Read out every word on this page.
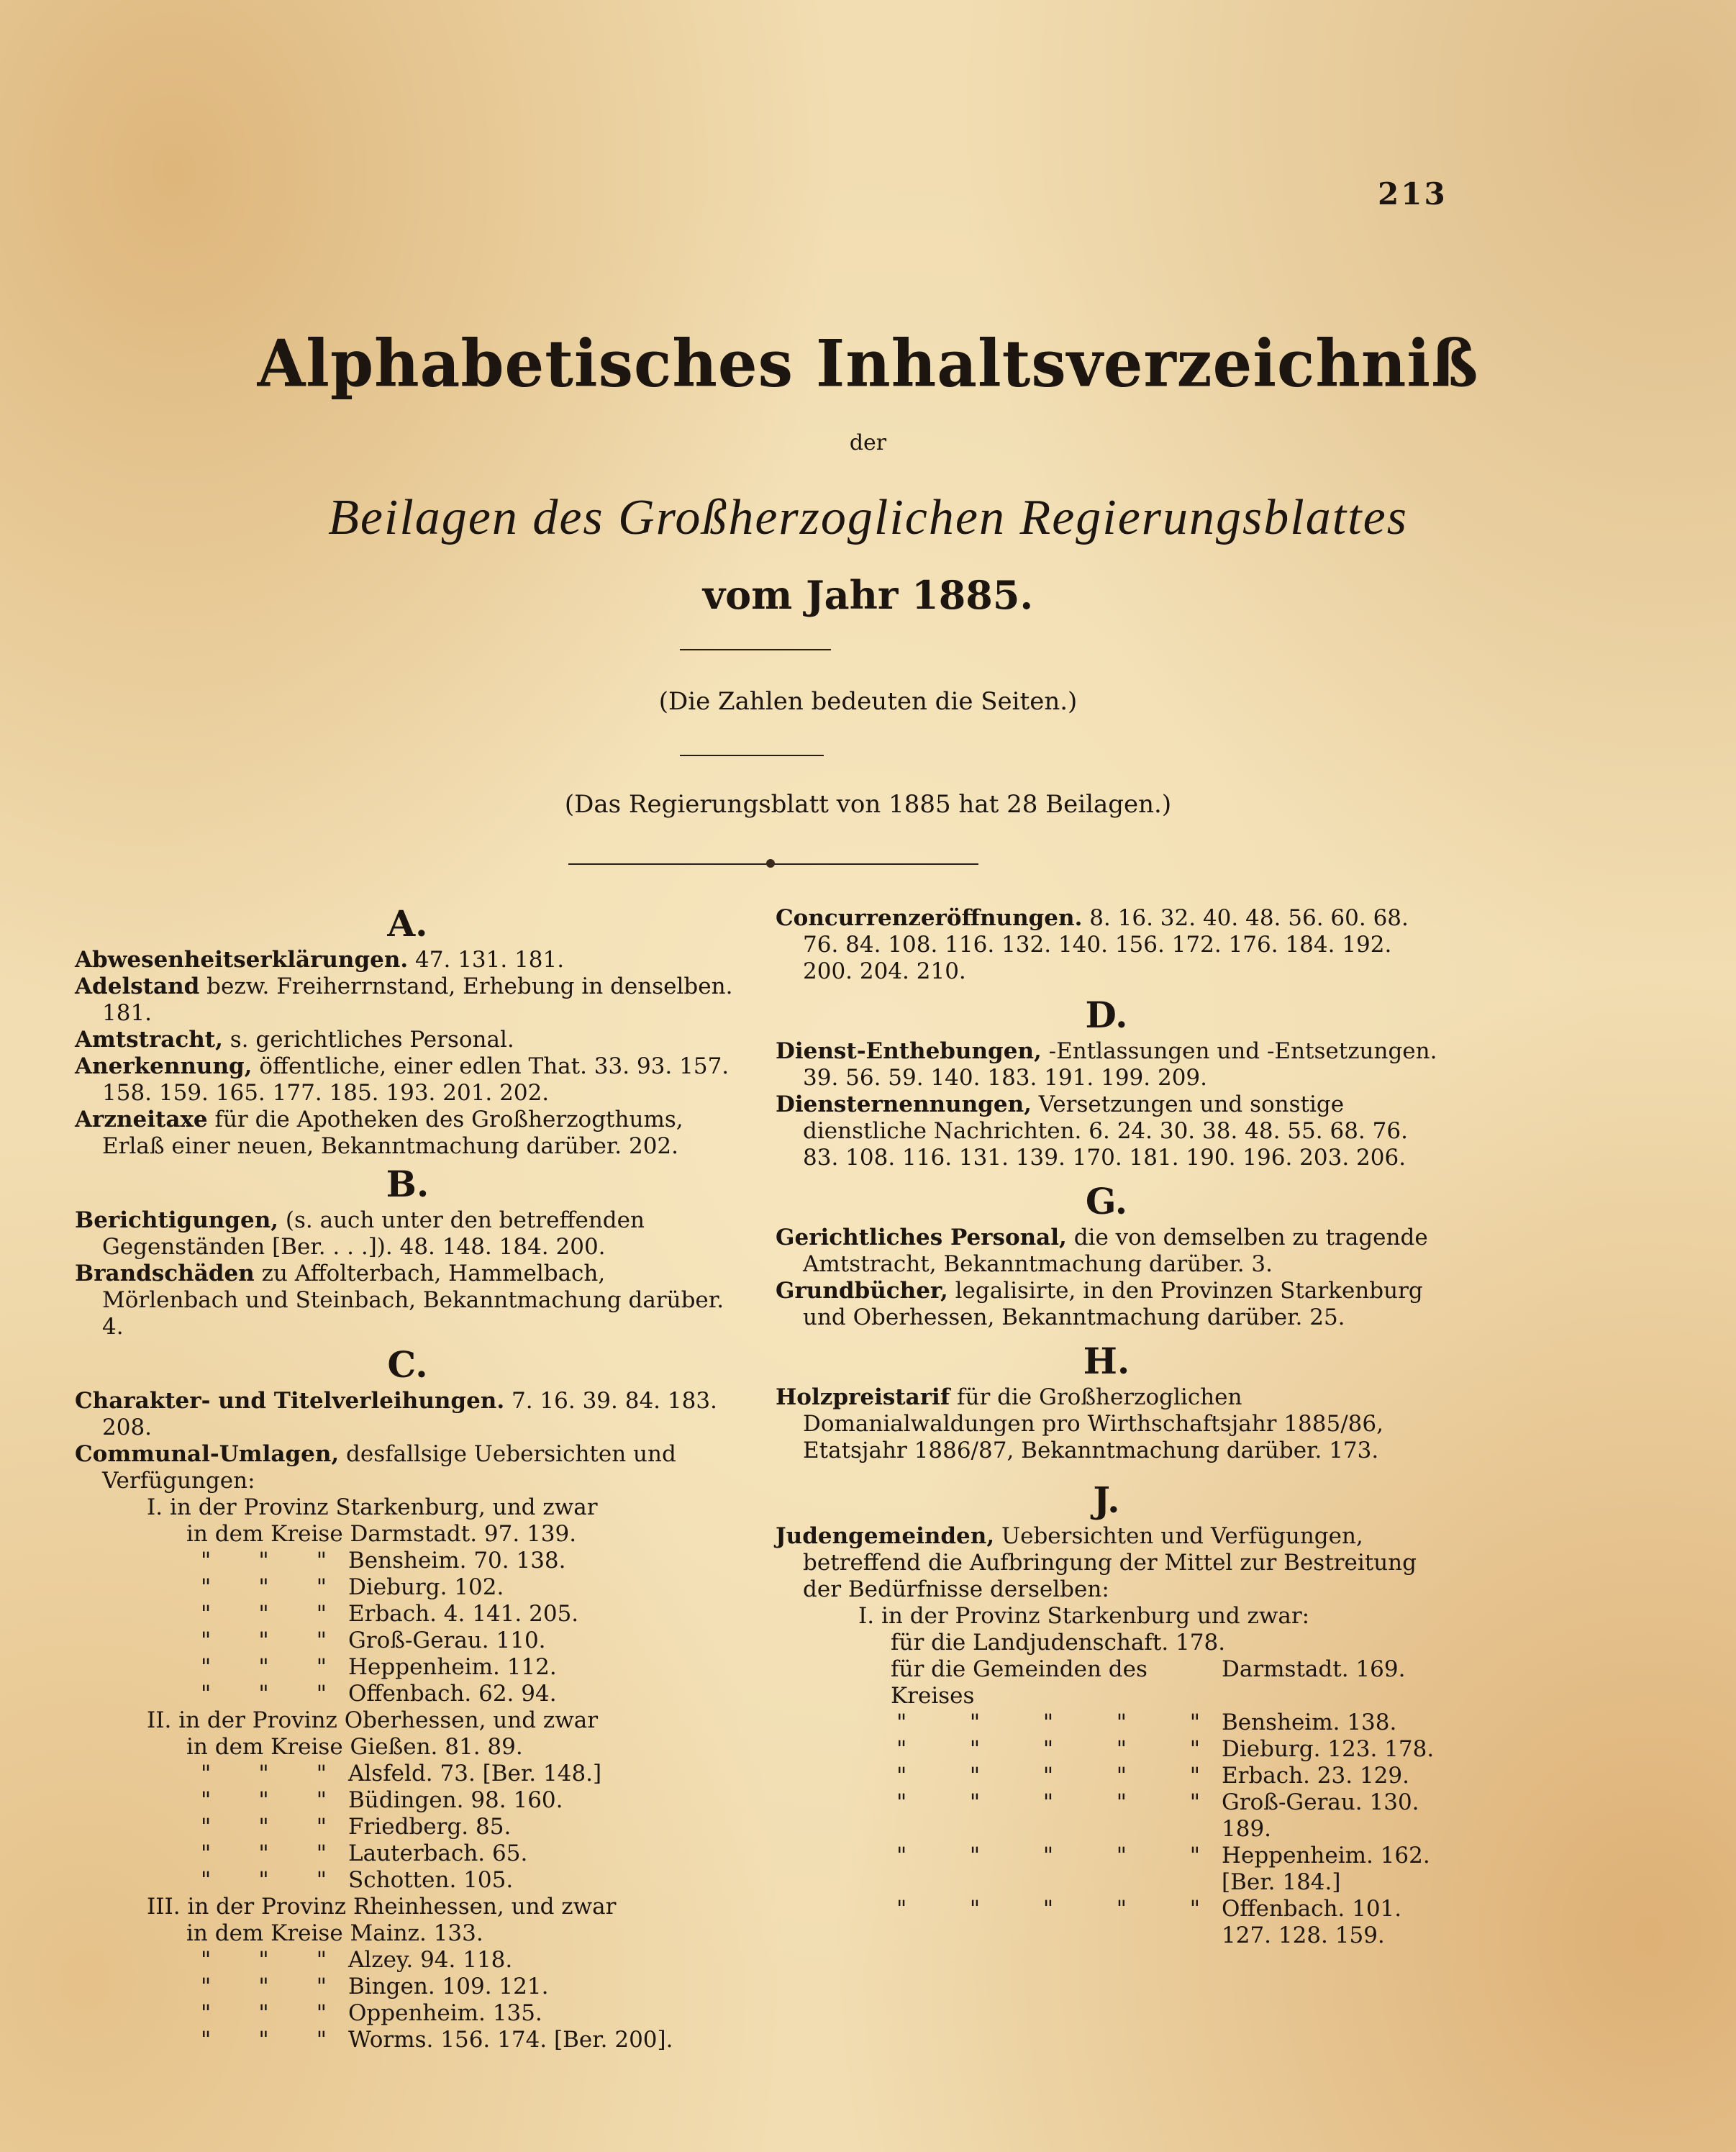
213
Alphabetisches Inhaltsverzeichniß
der
Beilagen des Großherzoglichen Regierungsblattes
vom Jahr 1885.
(Die Zahlen bedeuten die Seiten.)
(Das Regierungsblatt von 1885 hat 28 Beilagen.)
A.
Abwesenheitserklärungen. 47. 131. 181.
Adelstand bezw. Freiherrnstand, Erhebung in denselben. 181.
Amtstracht, s. gerichtliches Personal.
Anerkennung, öffentliche, einer edlen That. 33. 93. 157. 158. 159. 165. 177. 185. 193. 201. 202.
Arzneitaxe für die Apotheken des Großherzogthums, Erlaß einer neuen, Bekanntmachung darüber. 202.
B.
Berichtigungen, (s. auch unter den betreffenden Gegenständen [Ber. . . .]). 48. 148. 184. 200.
Brandschäden zu Affolterbach, Hammelbach, Mörlenbach und Steinbach, Bekanntmachung darüber. 4.
C.
Charakter- und Titelverleihungen. 7. 16. 39. 84. 183. 208.
Communal-Umlagen, desfallsige Uebersichten und Verfügungen:
I. in der Provinz Starkenburg, und zwar
in dem Kreise Darmstadt. 97. 139.
" " " Bensheim. 70. 138.
" " " Dieburg. 102.
" " " Erbach. 4. 141. 205.
" " " Groß-Gerau. 110.
" " " Heppenheim. 112.
" " " Offenbach. 62. 94.
II. in der Provinz Oberhessen, und zwar
in dem Kreise Gießen. 81. 89.
" " " Alsfeld. 73. [Ber. 148.]
" " " Büdingen. 98. 160.
" " " Friedberg. 85.
" " " Lauterbach. 65.
" " " Schotten. 105.
III. in der Provinz Rheinhessen, und zwar
in dem Kreise Mainz. 133.
" " " Alzey. 94. 118.
" " " Bingen. 109. 121.
" " " Oppenheim. 135.
" " " Worms. 156. 174. [Ber. 200].
Concurrenzeröffnungen. 8. 16. 32. 40. 48. 56. 60. 68. 76. 84. 108. 116. 132. 140. 156. 172. 176. 184. 192. 200. 204. 210.
D.
Dienst-Enthebungen, -Entlassungen und -Entsetzungen. 39. 56. 59. 140. 183. 191. 199. 209.
Diensternennungen, Versetzungen und sonstige dienstliche Nachrichten. 6. 24. 30. 38. 48. 55. 68. 76. 83. 108. 116. 131. 139. 170. 181. 190. 196. 203. 206.
G.
Gerichtliches Personal, die von demselben zu tragende Amtstracht, Bekanntmachung darüber. 3.
Grundbücher, legalisirte, in den Provinzen Starkenburg und Oberhessen, Bekanntmachung darüber. 25.
H.
Holzpreistarif für die Großherzoglichen Domanialwaldungen pro Wirthschaftsjahr 1885/86, Etatsjahr 1886/87, Bekanntmachung darüber. 173.
J.
Judengemeinden, Uebersichten und Verfügungen, betreffend die Aufbringung der Mittel zur Bestreitung der Bedürfnisse derselben:
I. in der Provinz Starkenburg und zwar:
für die Landjudenschaft. 178.
für die Gemeinden des Kreises
Darmstadt. 169.
"	"	"	"	" Bensheim. 138.
"	"	"	"	" Dieburg. 123. 178.
"	"	"	"	" Erbach. 23. 129.
"	"	"	"	" Groß-Gerau. 130. 189.
"	"	"	"	" Heppenheim. 162. [Ber. 184.]
"	"	"	"	" Offenbach. 101. 127. 128. 159.
